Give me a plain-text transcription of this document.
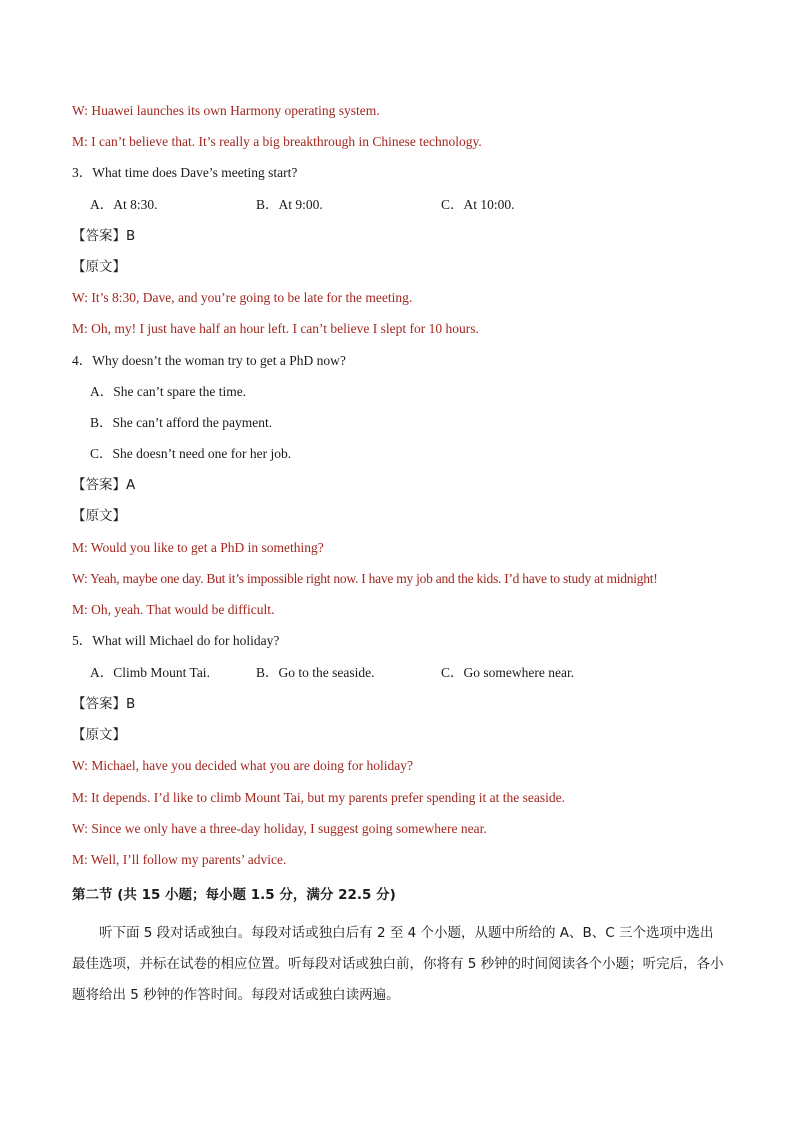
W: Huawei launches its own Harmony operating system.
M: I can’t believe that. It’s really a big breakthrough in Chinese technology.
3．What time does Dave’s meeting start?
A．At 8:30.	B．At 9:00.	C．At 10:00.
【答案】B
【原文】
W: It’s 8:30, Dave, and you’re going to be late for the meeting.
M: Oh, my! I just have half an hour left. I can’t believe I slept for 10 hours.
4．Why doesn’t the woman try to get a PhD now?
A．She can’t spare the time.
B．She can’t afford the payment.
C．She doesn’t need one for her job.
【答案】A
【原文】
M: Would you like to get a PhD in something?
W: Yeah, maybe one day. But it’s impossible right now. I have my job and the kids. I’d have to study at midnight!
M: Oh, yeah. That would be difficult.
5．What will Michael do for holiday?
A．Climb Mount Tai.	B．Go to the seaside.	C．Go somewhere near.
【答案】B
【原文】
W: Michael, have you decided what you are doing for holiday?
M: It depends. I’d like to climb Mount Tai, but my parents prefer spending it at the seaside.
W: Since we only have a three-day holiday, I suggest going somewhere near.
M: Well, I’ll follow my parents’ advice.
第二节 (共 15 小题；每小题 1.5 分，满分 22.5 分)
听下面 5 段对话或独白。每段对话或独白后有 2 至 4 个小题，从题中所给的 A、B、C 三个选项中选出最佳选项，并标在试卷的相应位置。听每段对话或独白前，你将有 5 秒钟的时间阅读各个小题；听完后，各小题将给出 5 秒钟的作答时间。每段对话或独白读两遍。
